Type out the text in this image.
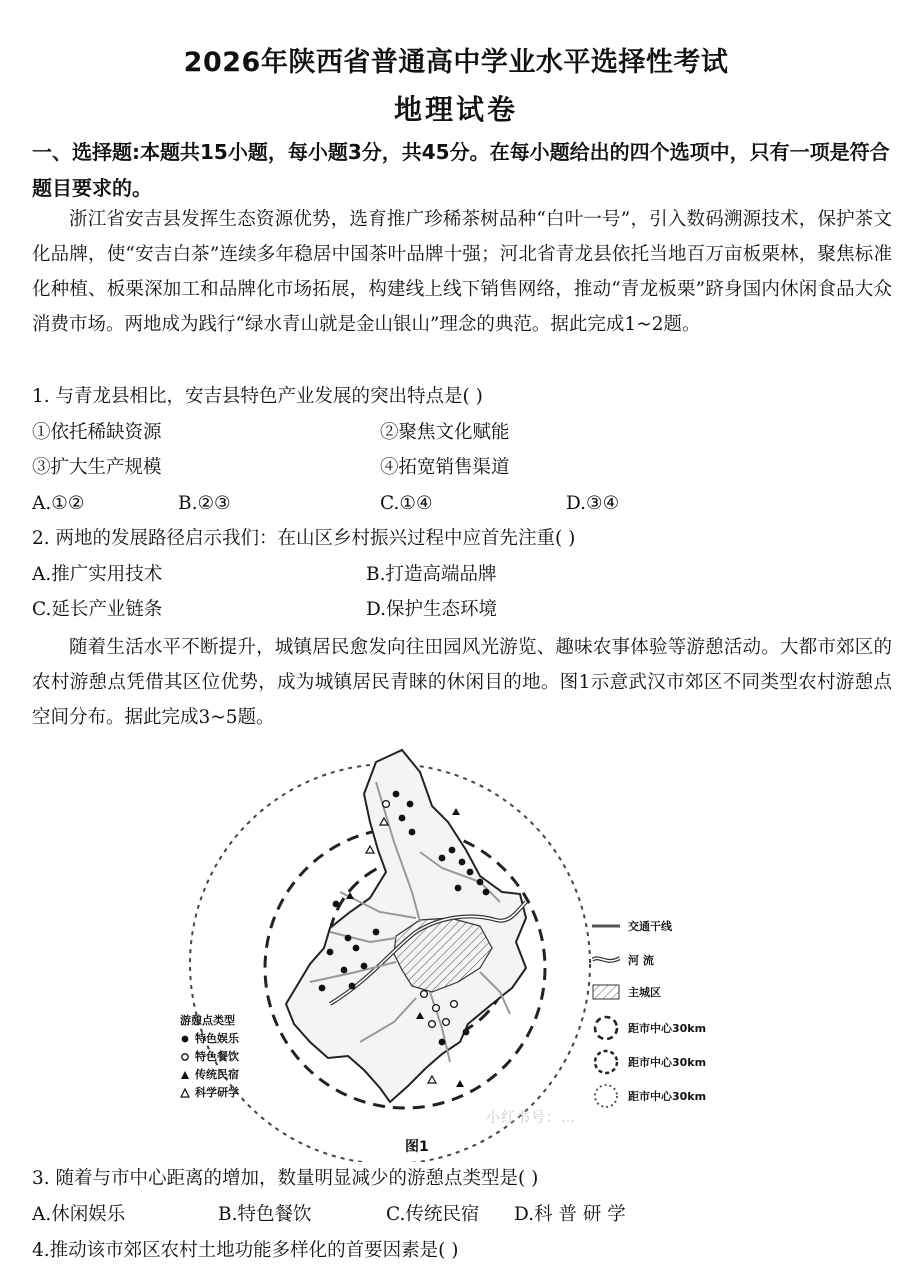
2026年陕西省普通高中学业水平选择性考试
地理试卷
一、选择题:本题共15小题，每小题3分，共45分。在每小题给出的四个选项中，只有一项是符合题目要求的。
浙江省安吉县发挥生态资源优势，选育推广珍稀茶树品种“白叶一号”，引入数码溯源技术，保护茶文化品牌，使“安吉白茶”连续多年稳居中国茶叶品牌十强；河北省青龙县依托当地百万亩板栗林，聚焦标准化种植、板栗深加工和品牌化市场拓展，构建线上线下销售网络，推动“青龙板栗”跻身国内休闲食品大众消费市场。两地成为践行“绿水青山就是金山银山”理念的典范。据此完成1~2题。
1. 与青龙县相比，安吉县特色产业发展的突出特点是( )
①依托稀缺资源	②聚焦文化赋能
③扩大生产规模	④拓宽销售渠道
A.①②	B.②③	C.①④	D.③④
2. 两地的发展路径启示我们：在山区乡村振兴过程中应首先注重( )
A.推广实用技术	B.打造高端品牌
C.延长产业链条	D.保护生态环境
随着生活水平不断提升，城镇居民愈发向往田园风光游览、趣味农事体验等游憩活动。大都市郊区的农村游憩点凭借其区位优势，成为城镇居民青睐的休闲目的地。图1示意武汉市郊区不同类型农村游憩点空间分布。据此完成3~5题。
游憩点类型
特色娱乐
特色餐饮
传统民宿
科学研学
交通干线
河 流
主城区
距市中心30km
距市中心30km
距市中心30km
小红书号：…
图1
3. 随着与市中心距离的增加，数量明显减少的游憩点类型是( )
A.休闲娱乐	B.特色餐饮	C.传统民宿 D.科 普 研 学
4.推动该市郊区农村土地功能多样化的首要因素是( )
